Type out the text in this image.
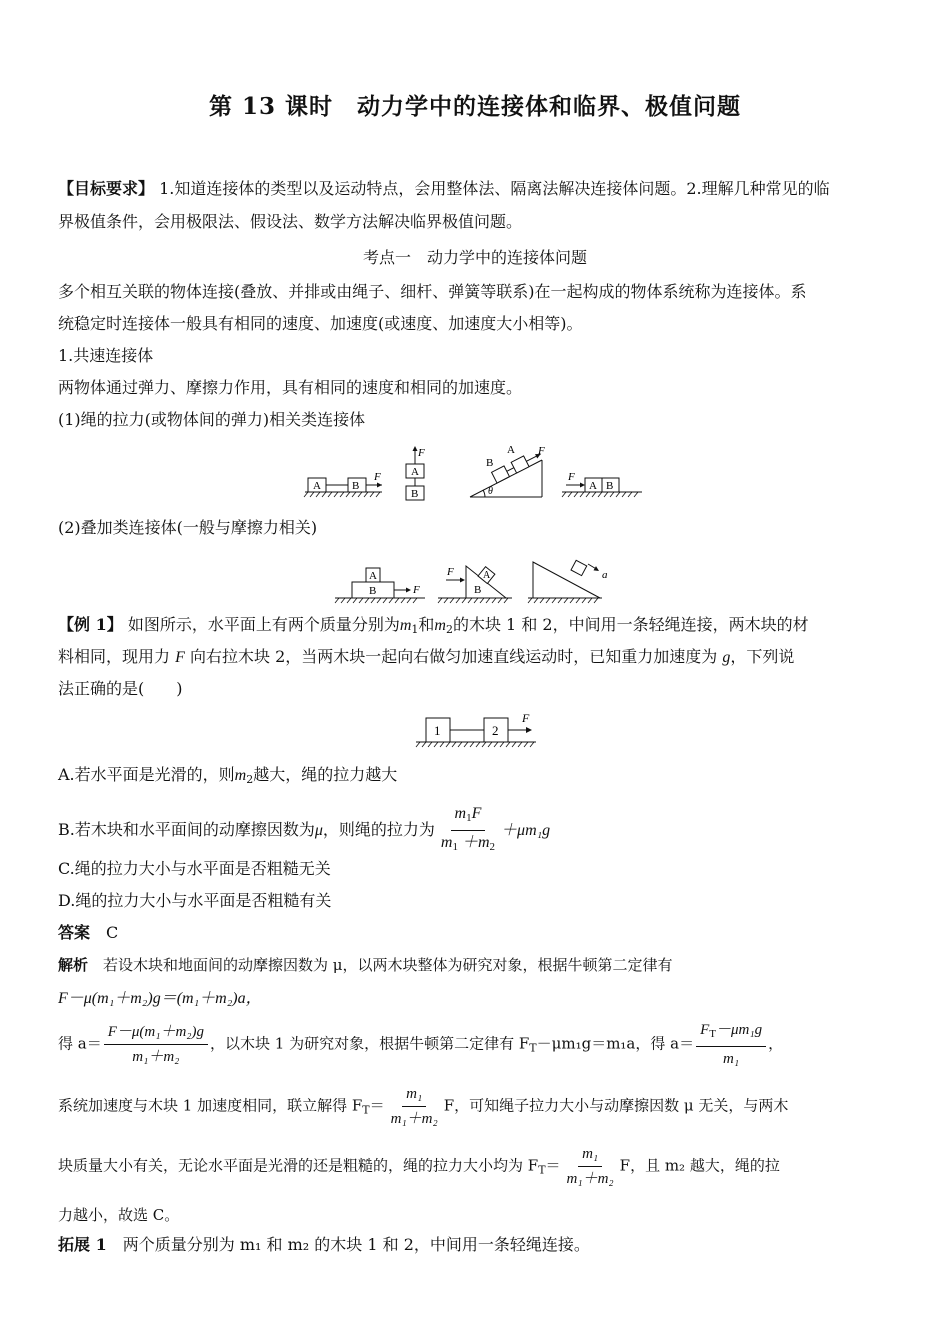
第 13 课时　动力学中的连接体和临界、极值问题
【目标要求】 1.知道连接体的类型以及运动特点，会用整体法、隔离法解决连接体问题。2.理解几种常见的临
界极值条件，会用极限法、假设法、数学方法解决临界极值问题。
考点一　动力学中的连接体问题
多个相互关联的物体连接(叠放、并排或由绳子、细杆、弹簧等联系)在一起构成的物体系统称为连接体。系
统稳定时连接体一般具有相同的速度、加速度(或速度、加速度大小相等)。
1.共速连接体
两物体通过弹力、摩擦力作用，具有相同的速度和相同的加速度。
(1)绳的拉力(或物体间的弹力)相关类连接体
A	B
F
F
A
B	θ
B
A F
F
A B
(2)叠加类连接体(一般与摩擦力相关)
B
A
F	B
A
F	a
【例 1】 如图所示，水平面上有两个质量分别为$m_1$和$m_2$的木块 1 和 2，中间用一条轻绳连接，两木块的材
料相同，现用力 F 向右拉木块 2，当两木块一起向右做匀加速直线运动时，已知重力加速度为 g，下列说
法正确的是(　　)
1	2
F
A.若水平面是光滑的，则$m_2$越大，绳的拉力越大
B.若木块和水平面间的动摩擦因数为μ，则绳的拉力为 $\frac{m_1F}{m_1 +m_2} +\mu m_1g$
C.绳的拉力大小与水平面是否粗糙无关
D.绳的拉力大小与水平面是否粗糙有关
答案　 C
解析　 若设木块和地面间的动摩擦因数为 μ，以两木块整体为研究对象，根据牛顿第二定律有
F－μ(m₁＋m₂)g＝(m₁＋m₂)a，
得 $a= \frac{\text{F－μ(m₁＋m₂)g}}{\text{m₁＋m₂}}$ ，以木块 1 为研究对象，根据牛顿第二定律有 $F_T-\mu m_1g=m_1a$，得 $a= \frac{F_T-\mu m_1g}{\text{m₁}}$ ，
系统加速度与木块 1 加速度相同，联立解得 $F_T= \frac{\text{m₁}}{\text{m₁＋m₂}}$ F，可知绳子拉力大小与动摩擦因数 μ 无关，与两木
块质量大小有关，无论水平面是光滑的还是粗糙的，绳的拉力大小均为 $F_T= \frac{\text{m₁}}{\text{m₁＋m₂}}$ F，且 m₂ 越大，绳的拉
力越小，故选 C。
拓展 1　 两个质量分别为 m₁ 和 m₂ 的木块 1 和 2，中间用一条轻绳连接。
